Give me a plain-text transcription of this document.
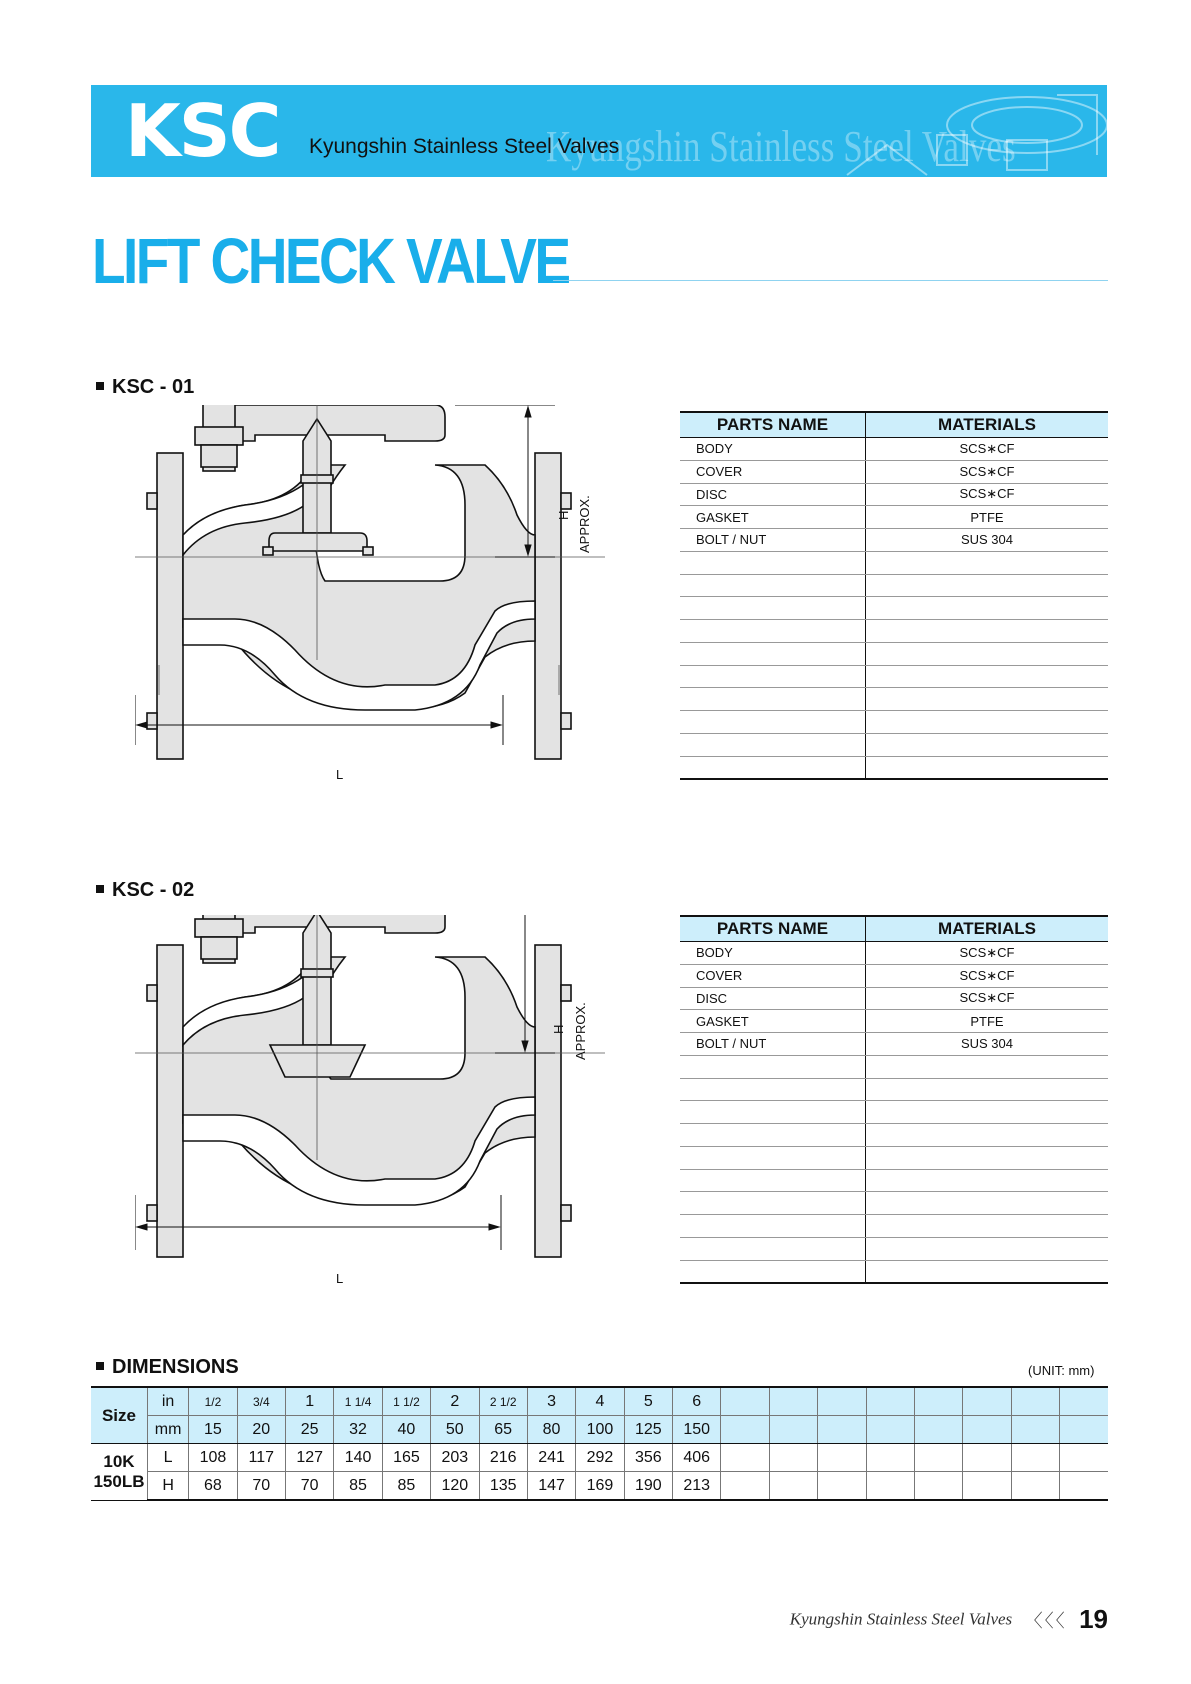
KSC	Kyungshin Stainless Steel Valves
Kyungshin Stainless Steel Valves
LIFT CHECK VALVE
KSC - 01
L
H APPROX.
PARTS NAME	MATERIALS
BODY	SCS∗CF
COVER	SCS∗CF
DISC	SCS∗CF
GASKET	PTFE
BOLT / NUT	SUS 304

KSC - 02
L
H APPROX.
PARTS NAME	MATERIALS
BODY	SCS∗CF
COVER	SCS∗CF
DISC	SCS∗CF
GASKET	PTFE
BOLT / NUT	SUS 304

DIMENSIONS	(UNIT: mm)
Size	in	1/2	3/4	1	1 1/4	1 1/2	2	2 1/2	3	4	5	6								
	mm	15	20	25	32	40	50	65	80	100	125	150								
10K
150LB	L	108	117	127	140	165	203	216	241	292	356	406								
	H	68	70	70	85	85	120	135	147	169	190	213								
Kyungshin Stainless Steel Valves 〈〈〈 19
